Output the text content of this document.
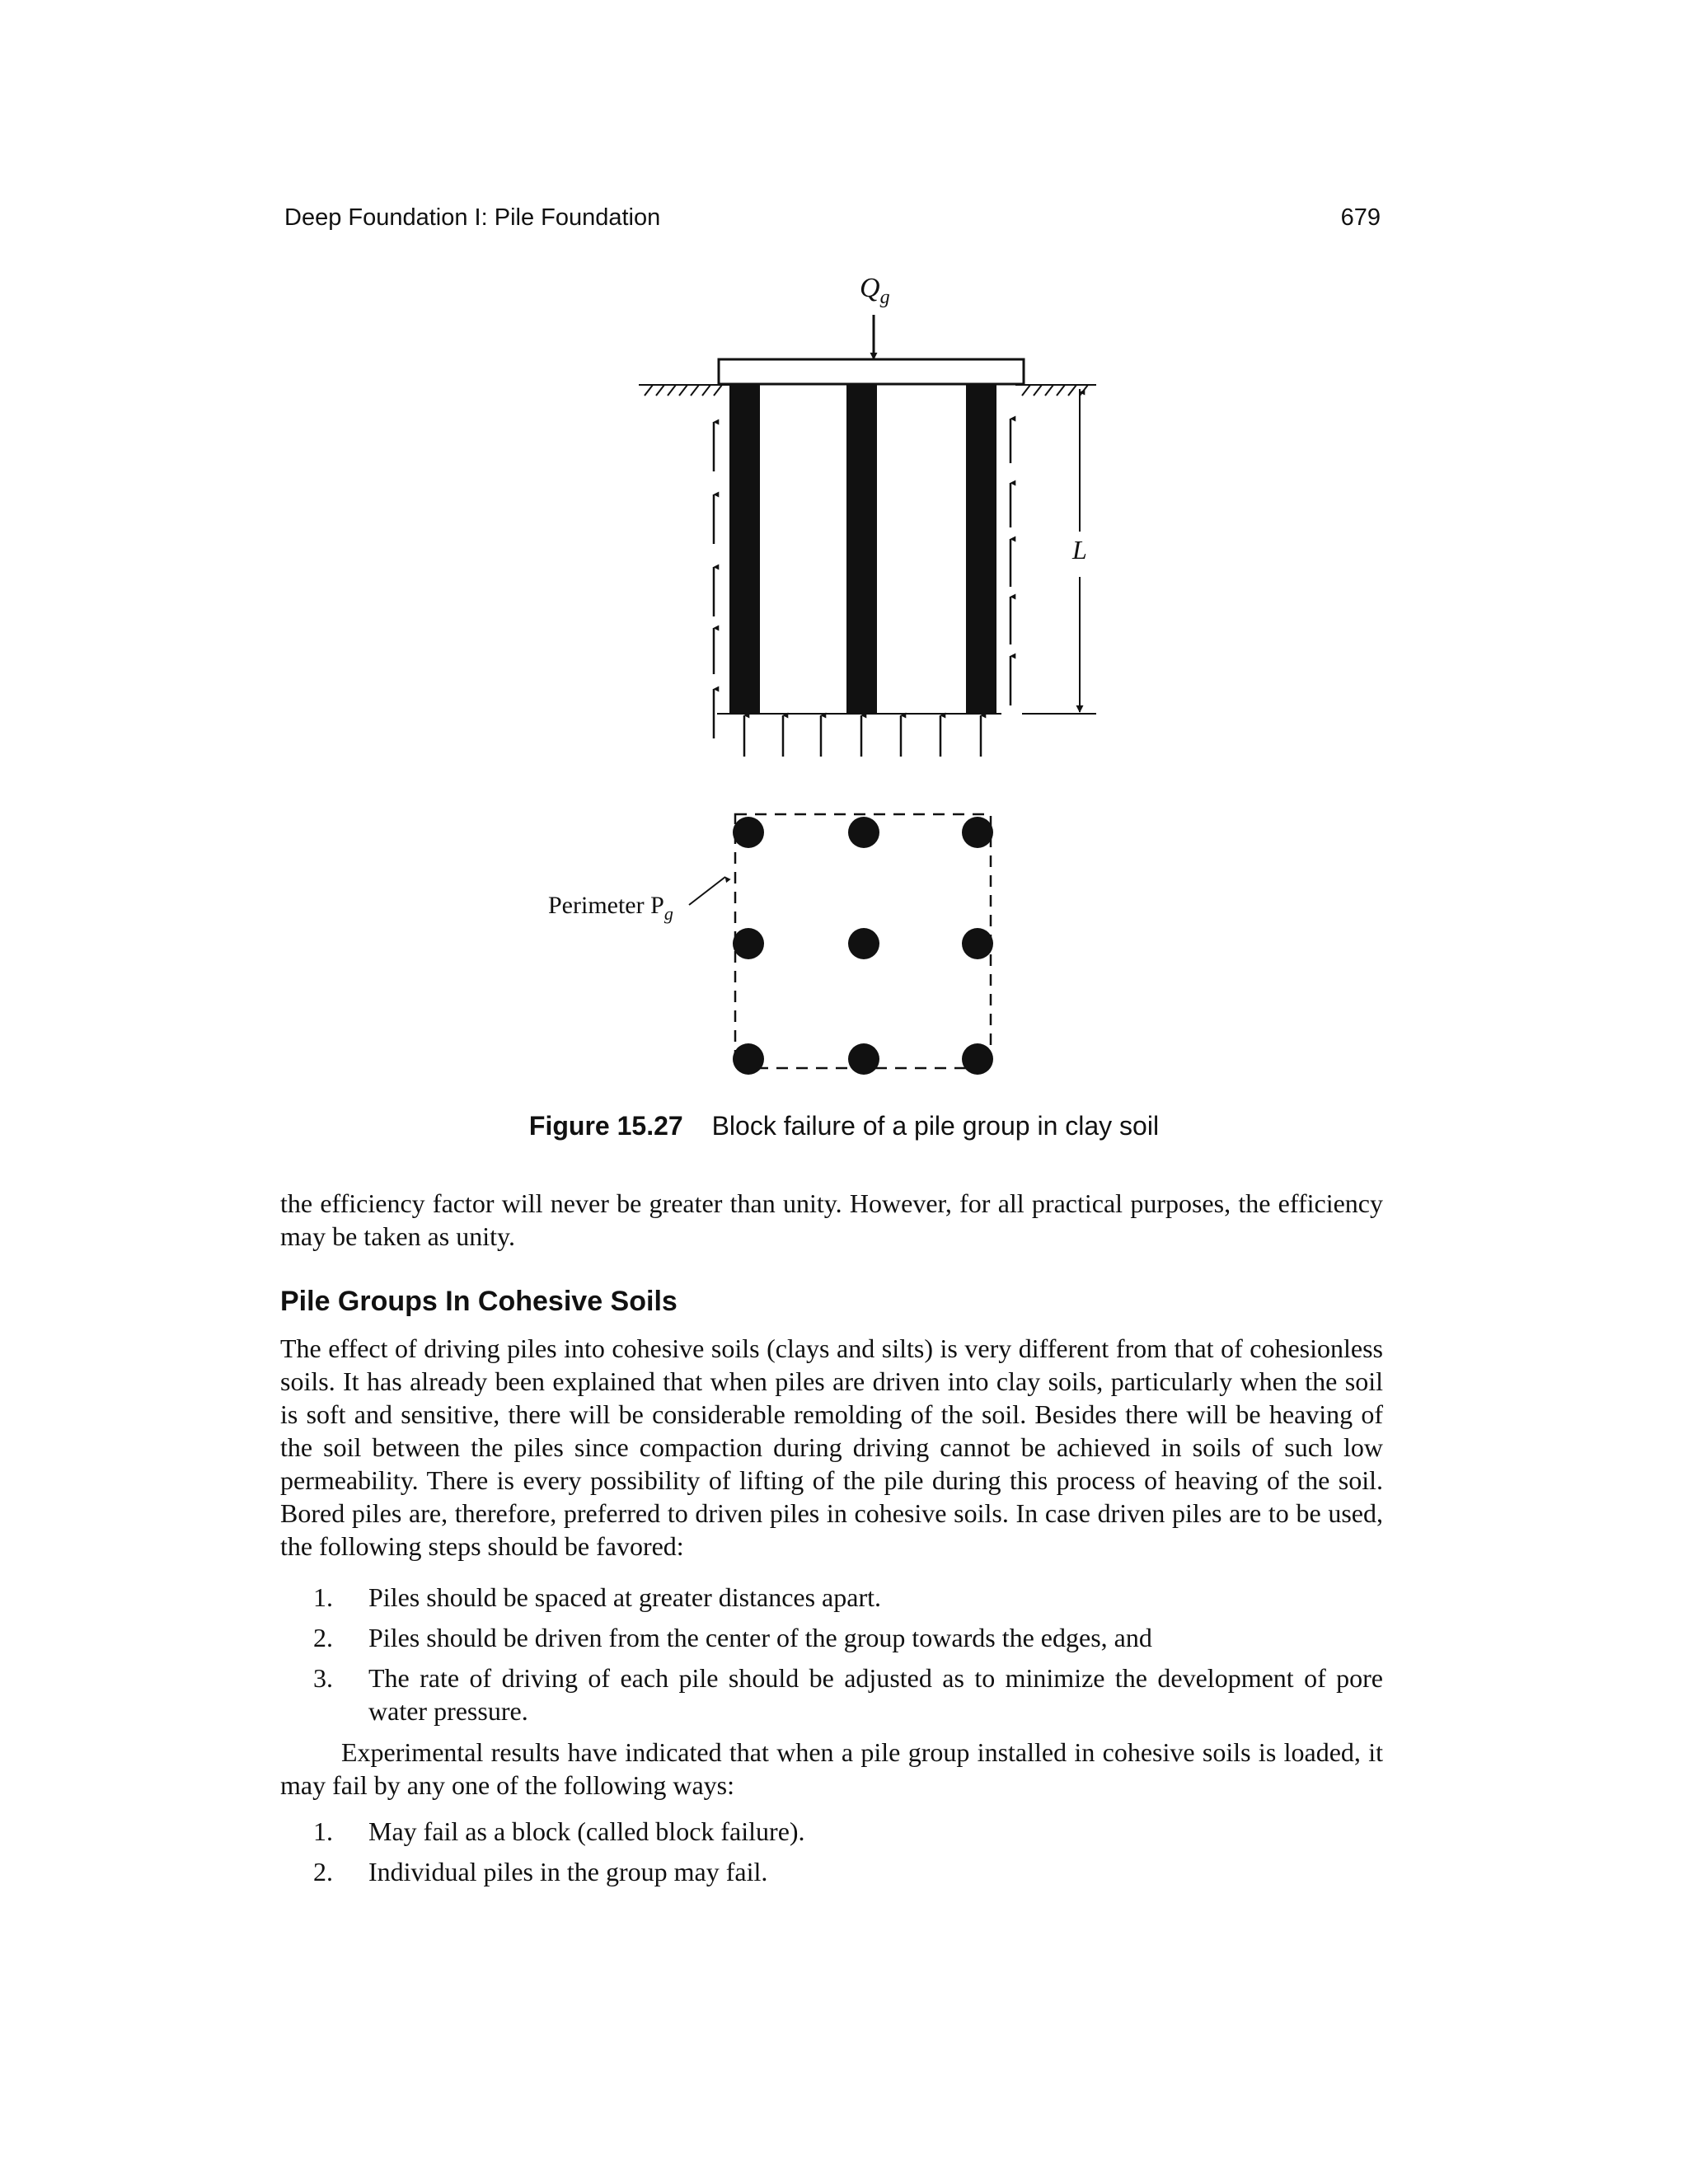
Deep Foundation I: Pile Foundation	679
$Q_g$
L
Perimeter $P_g$
Figure 15.27 Block failure of a pile group in clay soil

the efficiency factor will never be greater than unity. However, for all practical purposes, the efficiency may be taken as unity.

Pile Groups In Cohesive Soils

The effect of driving piles into cohesive soils (clays and silts) is very different from that of cohesionless soils. It has already been explained that when piles are driven into clay soils, particularly when the soil is soft and sensitive, there will be considerable remolding of the soil. Besides there will be heaving of the soil between the piles since compaction during driving cannot be achieved in soils of such low permeability. There is every possibility of lifting of the pile during this process of heaving of the soil. Bored piles are, therefore, preferred to driven piles in cohesive soils. In case driven piles are to be used, the following steps should be favored:

1. Piles should be spaced at greater distances apart.
2. Piles should be driven from the center of the group towards the edges, and
3. The rate of driving of each pile should be adjusted as to minimize the development of pore water pressure.

Experimental results have indicated that when a pile group installed in cohesive soils is loaded, it may fail by any one of the following ways:

1. May fail as a block (called block failure).
2. Individual piles in the group may fail.
